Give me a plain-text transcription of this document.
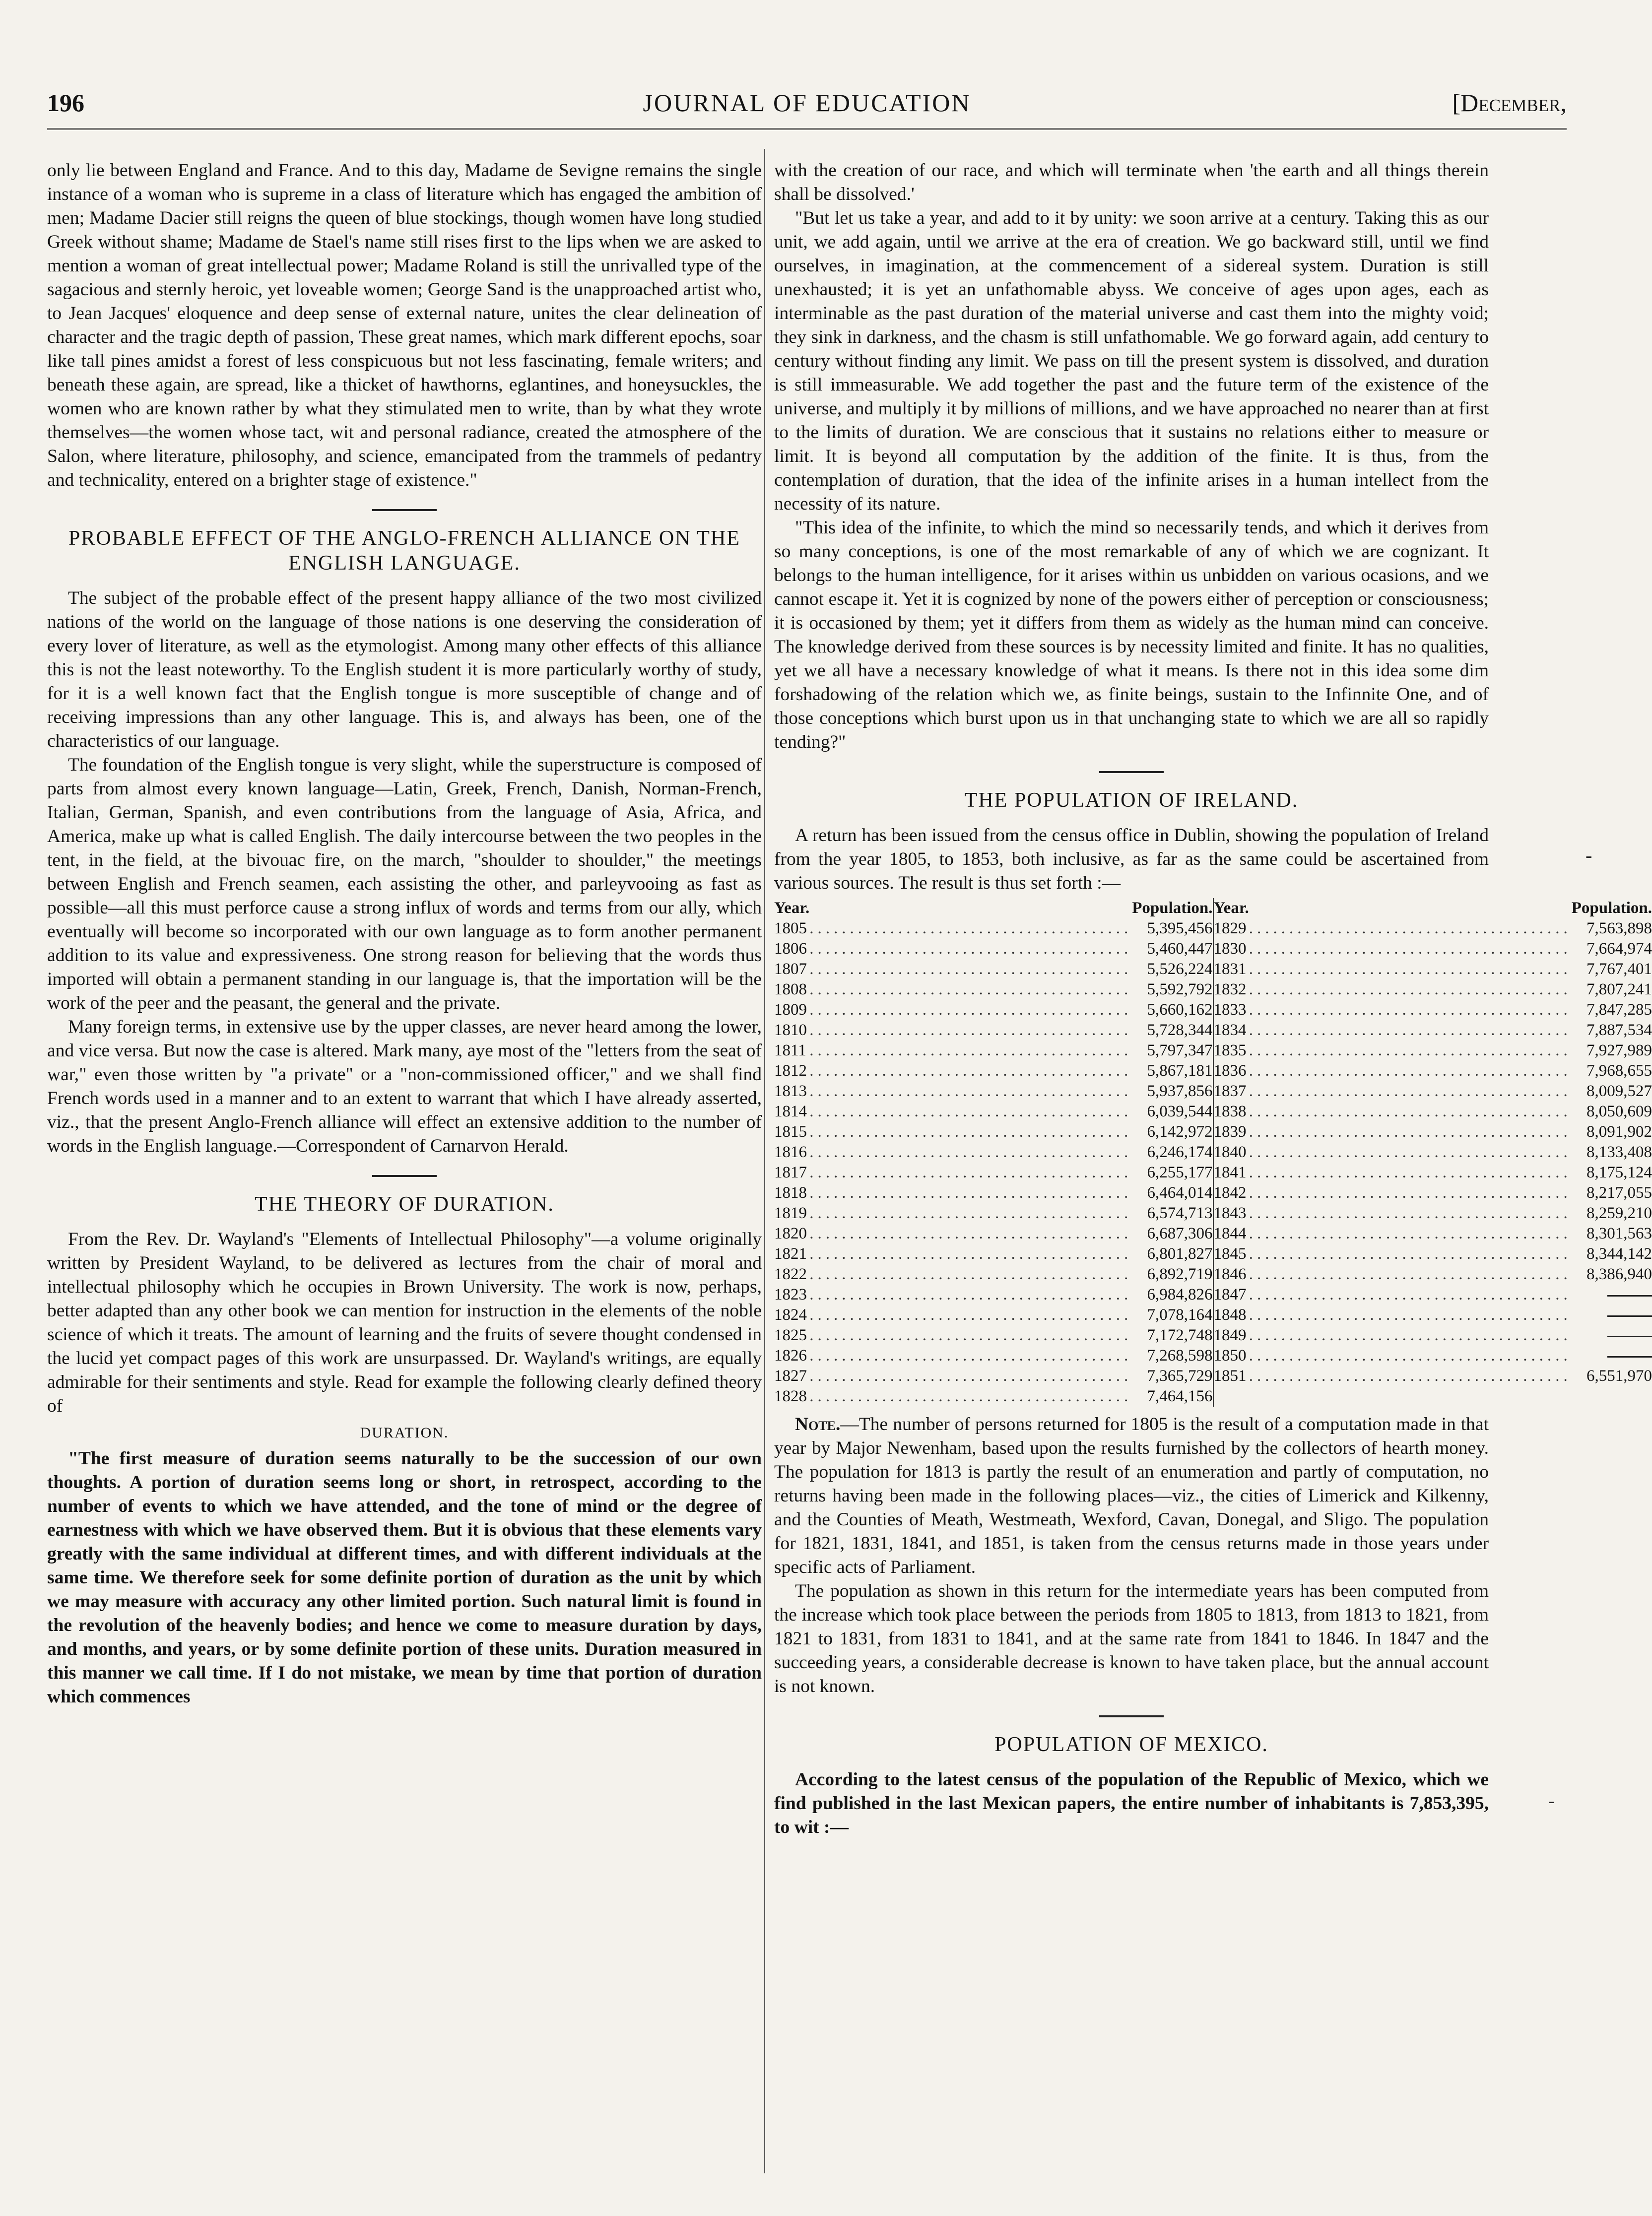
196	JOURNAL OF EDUCATION	[December,

only lie between England and France. And to this day, Madame de Sevigne remains the single instance of a woman who is supreme in a class of literature which has engaged the ambition of men; Madame Dacier still reigns the queen of blue stockings, though women have long studied Greek without shame; Madame de Stael's name still rises first to the lips when we are asked to mention a woman of great intellectual power; Madame Roland is still the unrivalled type of the sagacious and sternly heroic, yet loveable women; George Sand is the unapproached artist who, to Jean Jacques' eloquence and deep sense of external nature, unites the clear delineation of character and the tragic depth of passion, These great names, which mark different epochs, soar like tall pines amidst a forest of less conspicuous but not less fascinating, female writers; and beneath these again, are spread, like a thicket of hawthorns, eglantines, and honeysuckles, the women who are known rather by what they stimulated men to write, than by what they wrote themselves—the women whose tact, wit and personal radiance, created the atmosphere of the Salon, where literature, philosophy, and science, emancipated from the trammels of pedantry and technicality, entered on a brighter stage of existence."

PROBABLE EFFECT OF THE ANGLO-FRENCH ALLIANCE ON THE ENGLISH LANGUAGE.

The subject of the probable effect of the present happy alliance of the two most civilized nations of the world on the language of those nations is one deserving the consideration of every lover of literature, as well as the etymologist. Among many other effects of this alliance this is not the least noteworthy. To the English student it is more particularly worthy of study, for it is a well known fact that the English tongue is more susceptible of change and of receiving impressions than any other language. This is, and always has been, one of the characteristics of our language.

The foundation of the English tongue is very slight, while the superstructure is composed of parts from almost every known language—Latin, Greek, French, Danish, Norman-French, Italian, German, Spanish, and even contributions from the language of Asia, Africa, and America, make up what is called English. The daily intercourse between the two peoples in the tent, in the field, at the bivouac fire, on the march, "shoulder to shoulder," the meetings between English and French seamen, each assisting the other, and parleyvooing as fast as possible—all this must perforce cause a strong influx of words and terms from our ally, which eventually will become so incorporated with our own language as to form another permanent addition to its value and expressiveness. One strong reason for believing that the words thus imported will obtain a permanent standing in our language is, that the importation will be the work of the peer and the peasant, the general and the private.

Many foreign terms, in extensive use by the upper classes, are never heard among the lower, and vice versa. But now the case is altered. Mark many, aye most of the "letters from the seat of war," even those written by "a private" or a "non-commissioned officer," and we shall find French words used in a manner and to an extent to warrant that which I have already asserted, viz., that the present Anglo-French alliance will effect an extensive addition to the number of words in the English language.—Correspondent of Carnarvon Herald.

THE THEORY OF DURATION.

From the Rev. Dr. Wayland's "Elements of Intellectual Philosophy"—a volume originally written by President Wayland, to be delivered as lectures from the chair of moral and intellectual philosophy which he occupies in Brown University. The work is now, perhaps, better adapted than any other book we can mention for instruction in the elements of the noble science of which it treats. The amount of learning and the fruits of severe thought condensed in the lucid yet compact pages of this work are unsurpassed. Dr. Wayland's writings, are equally admirable for their sentiments and style. Read for example the following clearly defined theory of

DURATION.

"The first measure of duration seems naturally to be the succession of our own thoughts. A portion of duration seems long or short, in retrospect, according to the number of events to which we have attended, and the tone of mind or the degree of earnestness with which we have observed them. But it is obvious that these elements vary greatly with the same individual at different times, and with different individuals at the same time. We therefore seek for some definite portion of duration as the unit by which we may measure with accuracy any other limited portion. Such natural limit is found in the revolution of the heavenly bodies; and hence we come to measure duration by days, and months, and years, or by some definite portion of these units. Duration measured in this manner we call time. If I do not mistake, we mean by time that portion of duration which commences

with the creation of our race, and which will terminate when 'the earth and all things therein shall be dissolved.'

"But let us take a year, and add to it by unity: we soon arrive at a century. Taking this as our unit, we add again, until we arrive at the era of creation. We go backward still, until we find ourselves, in imagination, at the commencement of a sidereal system. Duration is still unexhausted; it is yet an unfathomable abyss. We conceive of ages upon ages, each as interminable as the past duration of the material universe and cast them into the mighty void; they sink in darkness, and the chasm is still unfathomable. We go forward again, add century to century without finding any limit. We pass on till the present system is dissolved, and duration is still immeasurable. We add together the past and the future term of the existence of the universe, and multiply it by millions of millions, and we have approached no nearer than at first to the limits of duration. We are conscious that it sustains no relations either to measure or limit. It is beyond all computation by the addition of the finite. It is thus, from the contemplation of duration, that the idea of the infinite arises in a human intellect from the necessity of its nature.

"This idea of the infinite, to which the mind so necessarily tends, and which it derives from so many conceptions, is one of the most remarkable of any of which we are cognizant. It belongs to the human intelligence, for it arises within us unbidden on various ocasions, and we cannot escape it. Yet it is cognized by none of the powers either of perception or consciousness; it is occasioned by them; yet it differs from them as widely as the human mind can conceive. The knowledge derived from these sources is by necessity limited and finite. It has no qualities, yet we all have a necessary knowledge of what it means. Is there not in this idea some dim forshadowing of the relation which we, as finite beings, sustain to the Infinnite One, and of those conceptions which burst upon us in that unchanging state to which we are all so rapidly tending?"

THE POPULATION OF IRELAND.

A return has been issued from the census office in Dublin, showing the population of Ireland from the year 1805, to 1853, both inclusive, as far as the same could be ascertained from various sources. The result is thus set forth :—

Year.		Population.			Year.		Population.
1805	........................................	5,395,456			1829	........................................	7,563,898
1806	........................................	5,460,447			1830	........................................	7,664,974
1807	........................................	5,526,224			1831	........................................	7,767,401
1808	........................................	5,592,792			1832	........................................	7,807,241
1809	........................................	5,660,162			1833	........................................	7,847,285
1810	........................................	5,728,344			1834	........................................	7,887,534
1811	........................................	5,797,347			1835	........................................	7,927,989
1812	........................................	5,867,181			1836	........................................	7,968,655
1813	........................................	5,937,856			1837	........................................	8,009,527
1814	........................................	6,039,544			1838	........................................	8,050,609
1815	........................................	6,142,972			1839	........................................	8,091,902
1816	........................................	6,246,174			1840	........................................	8,133,408
1817	........................................	6,255,177			1841	........................................	8,175,124
1818	........................................	6,464,014			1842	........................................	8,217,055
1819	........................................	6,574,713			1843	........................................	8,259,210
1820	........................................	6,687,306			1844	........................................	8,301,563
1821	........................................	6,801,827			1845	........................................	8,344,142
1822	........................................	6,892,719			1846	........................................	8,386,940
1823	........................................	6,984,826			1847	........................................	

1824	........................................	7,078,164			1848	........................................	

1825	........................................	7,172,748			1849	........................................	

1826	........................................	7,268,598			1850	........................................	

1827	........................................	7,365,729			1851	........................................	6,551,970
1828	........................................	7,464,156					

Note.—The number of persons returned for 1805 is the result of a computation made in that year by Major Newenham, based upon the results furnished by the collectors of hearth money. The population for 1813 is partly the result of an enumeration and partly of computation, no returns having been made in the following places—viz., the cities of Limerick and Kilkenny, and the Counties of Meath, Westmeath, Wexford, Cavan, Donegal, and Sligo. The population for 1821, 1831, 1841, and 1851, is taken from the census returns made in those years under specific acts of Parliament.

The population as shown in this return for the intermediate years has been computed from the increase which took place between the periods from 1805 to 1813, from 1813 to 1821, from 1821 to 1831, from 1831 to 1841, and at the same rate from 1841 to 1846. In 1847 and the succeeding years, a considerable decrease is known to have taken place, but the annual account is not known.

POPULATION OF MEXICO.

According to the latest census of the population of the Republic of Mexico, which we find published in the last Mexican papers, the entire number of inhabitants is 7,853,395, to wit :—

-
-
